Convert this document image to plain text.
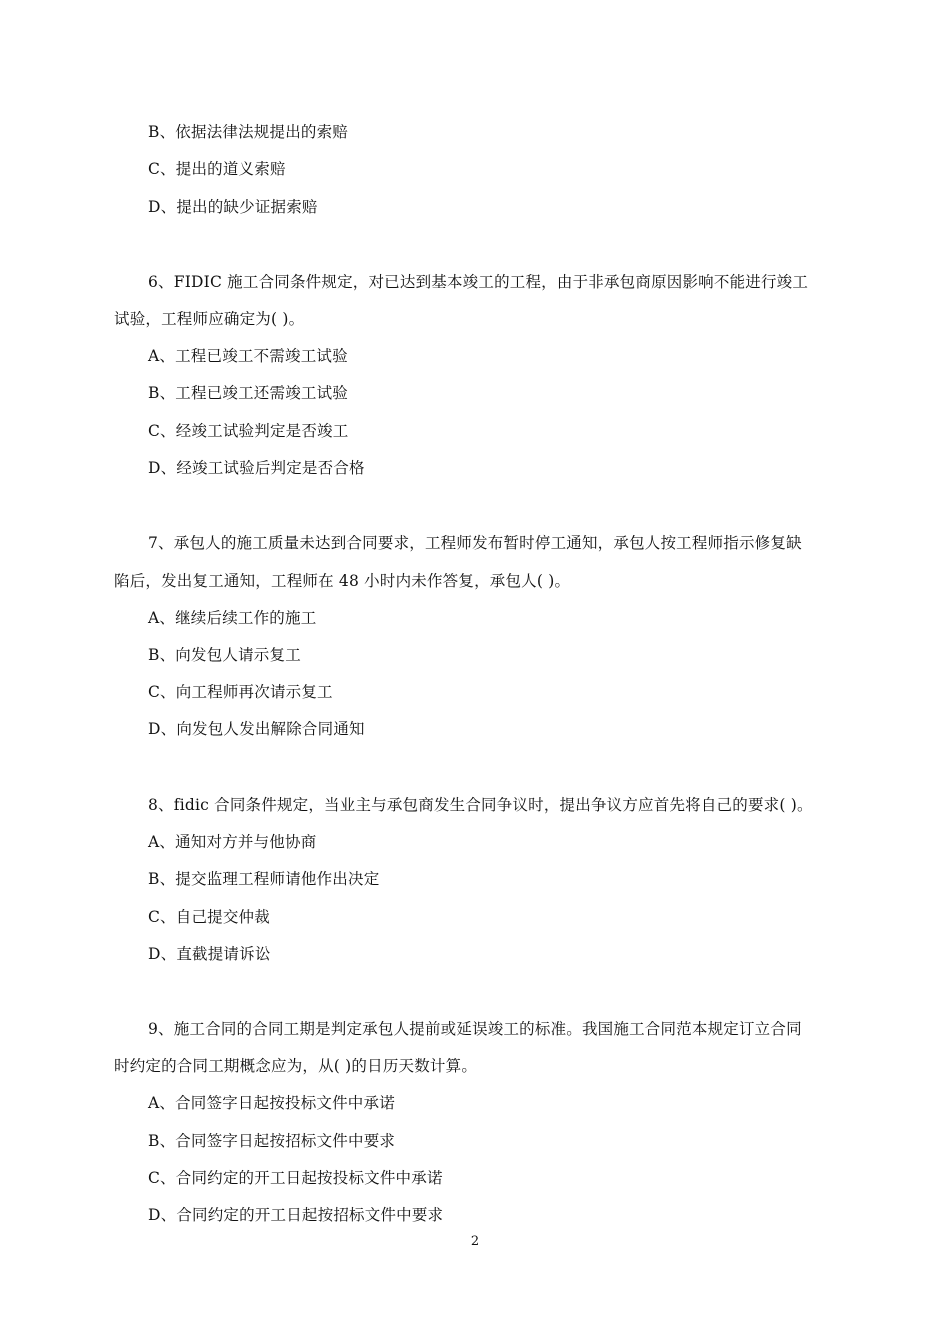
B、依据法律法规提出的索赔
C、提出的道义索赔
D、提出的缺少证据索赔
6、FIDIC 施工合同条件规定，对已达到基本竣工的工程，由于非承包商原因影响不能进行竣工
试验，工程师应确定为( )。
A、工程已竣工不需竣工试验
B、工程已竣工还需竣工试验
C、经竣工试验判定是否竣工
D、经竣工试验后判定是否合格
7、承包人的施工质量未达到合同要求，工程师发布暂时停工通知，承包人按工程师指示修复缺
陷后，发出复工通知，工程师在 48 小时内未作答复，承包人( )。
A、继续后续工作的施工
B、向发包人请示复工
C、向工程师再次请示复工
D、向发包人发出解除合同通知
8、fidic 合同条件规定，当业主与承包商发生合同争议时，提出争议方应首先将自己的要求( )。
A、通知对方并与他协商
B、提交监理工程师请他作出决定
C、自己提交仲裁
D、直截提请诉讼
9、施工合同的合同工期是判定承包人提前或延误竣工的标准。我国施工合同范本规定订立合同
时约定的合同工期概念应为，从( )的日历天数计算。
A、合同签字日起按投标文件中承诺
B、合同签字日起按招标文件中要求
C、合同约定的开工日起按投标文件中承诺
D、合同约定的开工日起按招标文件中要求
2
